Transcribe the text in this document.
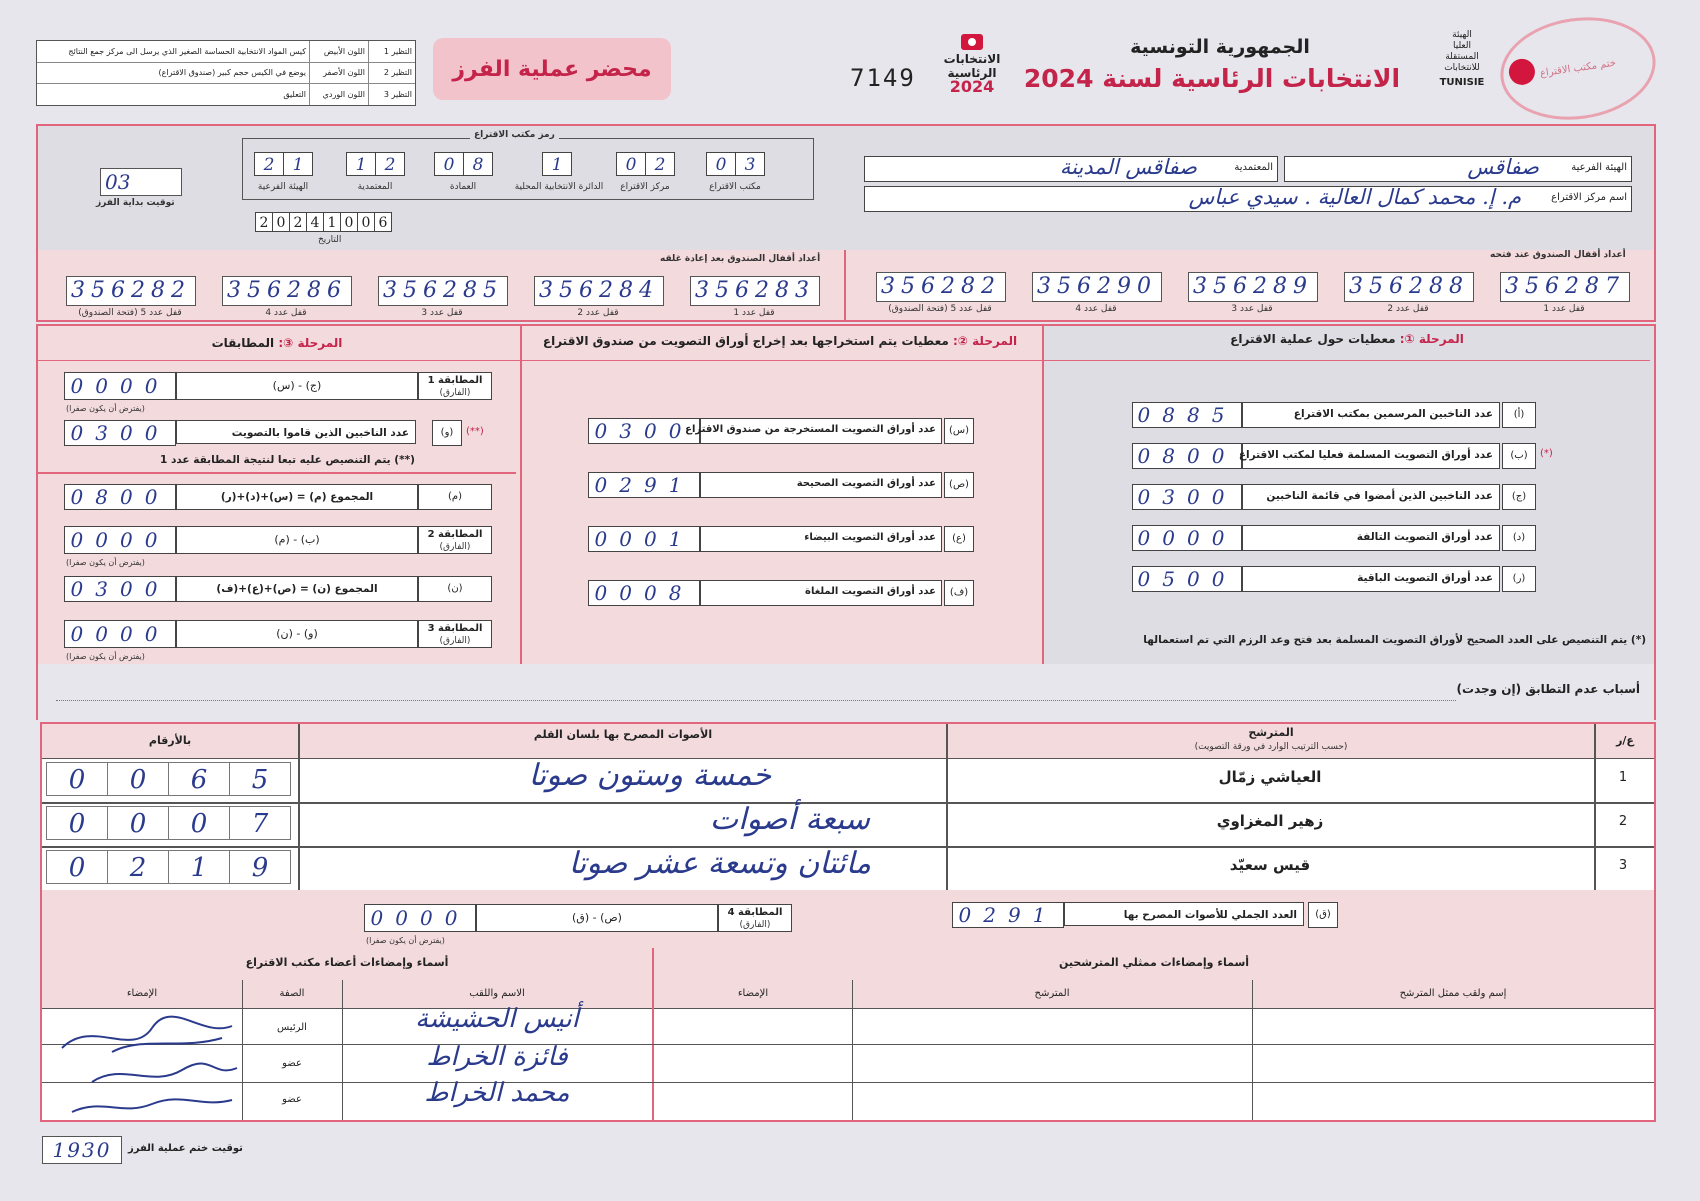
التظير 1	اللون الأبيض	كيس المواد الانتخابية الحساسة الصغير الذي يرسل الى مركز جمع النتائج
التظير 2	اللون الأصفر	يوضع في الكيس حجم كبير (صندوق الاقتراع)
التظير 3	اللون الوردي	التعليق
محضر عملية الفرز	7149
الانتخابات
الرئاسية
2024
الجمهورية التونسية
الانتخابات الرئاسية لسنة 2024
الهيئة
العليا
المستقلة
للانتخابات
TUNISIE
ختم مكتب الاقتراع
رمز مكتب الاقتراع
2	1
الهيئة الفرعية
1	2
المعتمدية
0	8
العمادة
1
الدائرة الانتخابية المحلية
0	2
مركز الاقتراع
0	3
مكتب الاقتراع
03
توقيت بداية الفرز
2 0 2 4 1 0 0 6
التاريخ
المعتمدية
صفاقس المدينة	الهيئة الفرعية
صفاقس
اسم مركز الاقتراع
م. إ. محمد كمال العالية . سيدي عباس
أعداد أقفال الصندوق بعد إعادة غلقه	أعداد أقفال الصندوق عند فتحه
356282
قفل عدد 5 (فتحة الصندوق)
356286
قفل عدد 4
356285
قفل عدد 3
356284
قفل عدد 2
356283
قفل عدد 1
356282
قفل عدد 5 (فتحة الصندوق)
356290
قفل عدد 4
356289
قفل عدد 3
356288
قفل عدد 2
356287
قفل عدد 1
المرحلة ③: المطابقات	المرحلة ②: معطيات يتم استخراجها بعد إخراج أوراق التصويت من صندوق الاقتراع	المرحلة ①: معطيات حول عملية الاقتراع
0885	عدد الناخبين المرسمين بمكتب الاقتراع	(أ)
0800 عدد أوراق التصويت المسلمة فعليا لمكتب الاقتراع	(ب)	(*)
0300	عدد الناخبين الذين أمضوا في قائمة الناخبين	(ج)
0000	عدد أوراق التصويت التالفة	(د)
0500	عدد أوراق التصويت الباقية	(ر)
(*) يتم التنصيص على العدد الصحيح لأوراق التصويت المسلمة بعد فتح وعد الرزم التي تم استعمالها
0300
عدد أوراق التصويت المستخرجة من صندوق الاقتراع	(س)
0291	عدد أوراق التصويت الصحيحة	(ص)
0001	عدد أوراق التصويت البيضاء	(ع)
0008	عدد أوراق التصويت الملغاة	(ف)
0000	(ج) - (س)	المطابقة 1
(الفارق)
(يفترض أن يكون صفرا)
0300	عدد الناخبين الذين قاموا بالتصويت	(و)	(**)
(**) يتم التنصيص عليه تبعا لنتيجة المطابقة عدد 1
0800	المجموع (م) = (س)+(د)+(ر)	(م)
0000	(ب) - (م)	المطابقة 2
(الفارق)
(يفترض أن يكون صفرا)
0300	المجموع (ن) = (ص)+(ع)+(ف)	(ن)
0000	(و) - (ن)	المطابقة 3
(الفارق)
(يفترض أن يكون صفرا)
أسباب عدم التطابق (إن وجدت)
بالأرقام	الأصوات المصرح بها بلسان القلم	المترشح
(حسب الترتيب الوارد في ورقة التصويت)	ع/ر
0	0	6	5	خمسة وستون صوتا	العياشي زمّال	1
0	0	0	7	سبعة أصوات	زهير المغزاوي	2
0	2	1	9	مائتان وتسعة عشر صوتا	قيس سعيّد	3
0000	(ص) - (ق)	المطابقة 4
(الفارق)
(يفترض أن يكون صفرا)
0291	العدد الجملي للأصوات المصرح بها	(ق)
أسماء وإمضاءات أعضاء مكتب الاقتراع	أسماء وإمضاءات ممثلي المترشحين
الإمضاء	الصفة	الاسم واللقب	الإمضاء	المترشح	إسم ولقب ممثل المترشح
الرئيس	أنيس الحشيشة
عضو	فائزة الخراط
عضو	محمد الخراط
1930	توقيت ختم عملية الفرز
